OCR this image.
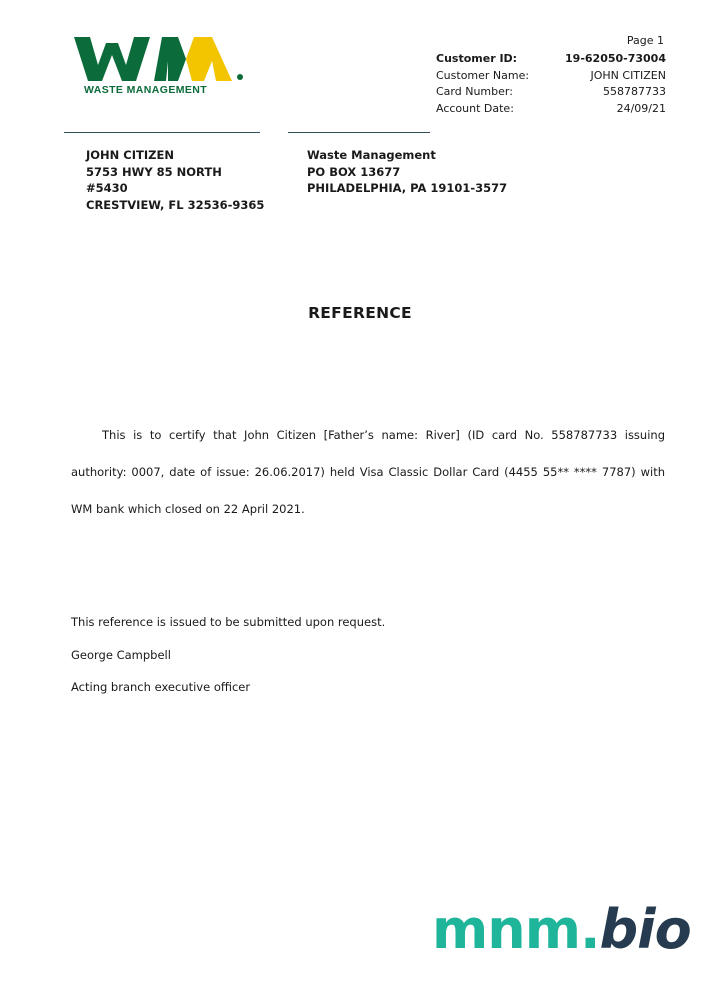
WASTE MANAGEMENT
Page 1
Customer ID:	19-62050-73004
Customer Name:	JOHN CITIZEN
Card Number:	558787733
Account Date:	24/09/21
JOHN CITIZEN
5753 HWY 85 NORTH
#5430
CRESTVIEW, FL 32536-9365
Waste Management
PO BOX 13677
PHILADELPHIA, PA 19101-3577
REFERENCE

This is to certify that John Citizen [Father’s name: River] (ID card No. 558787733 issuing authority: 0007, date of issue: 26.06.2017) held Visa Classic Dollar Card (4455 55** **** 7787) with WM bank which closed on 22 April 2021.

This reference is issued to be submitted upon request.
George Campbell
Acting branch executive officer
mnm.bio
